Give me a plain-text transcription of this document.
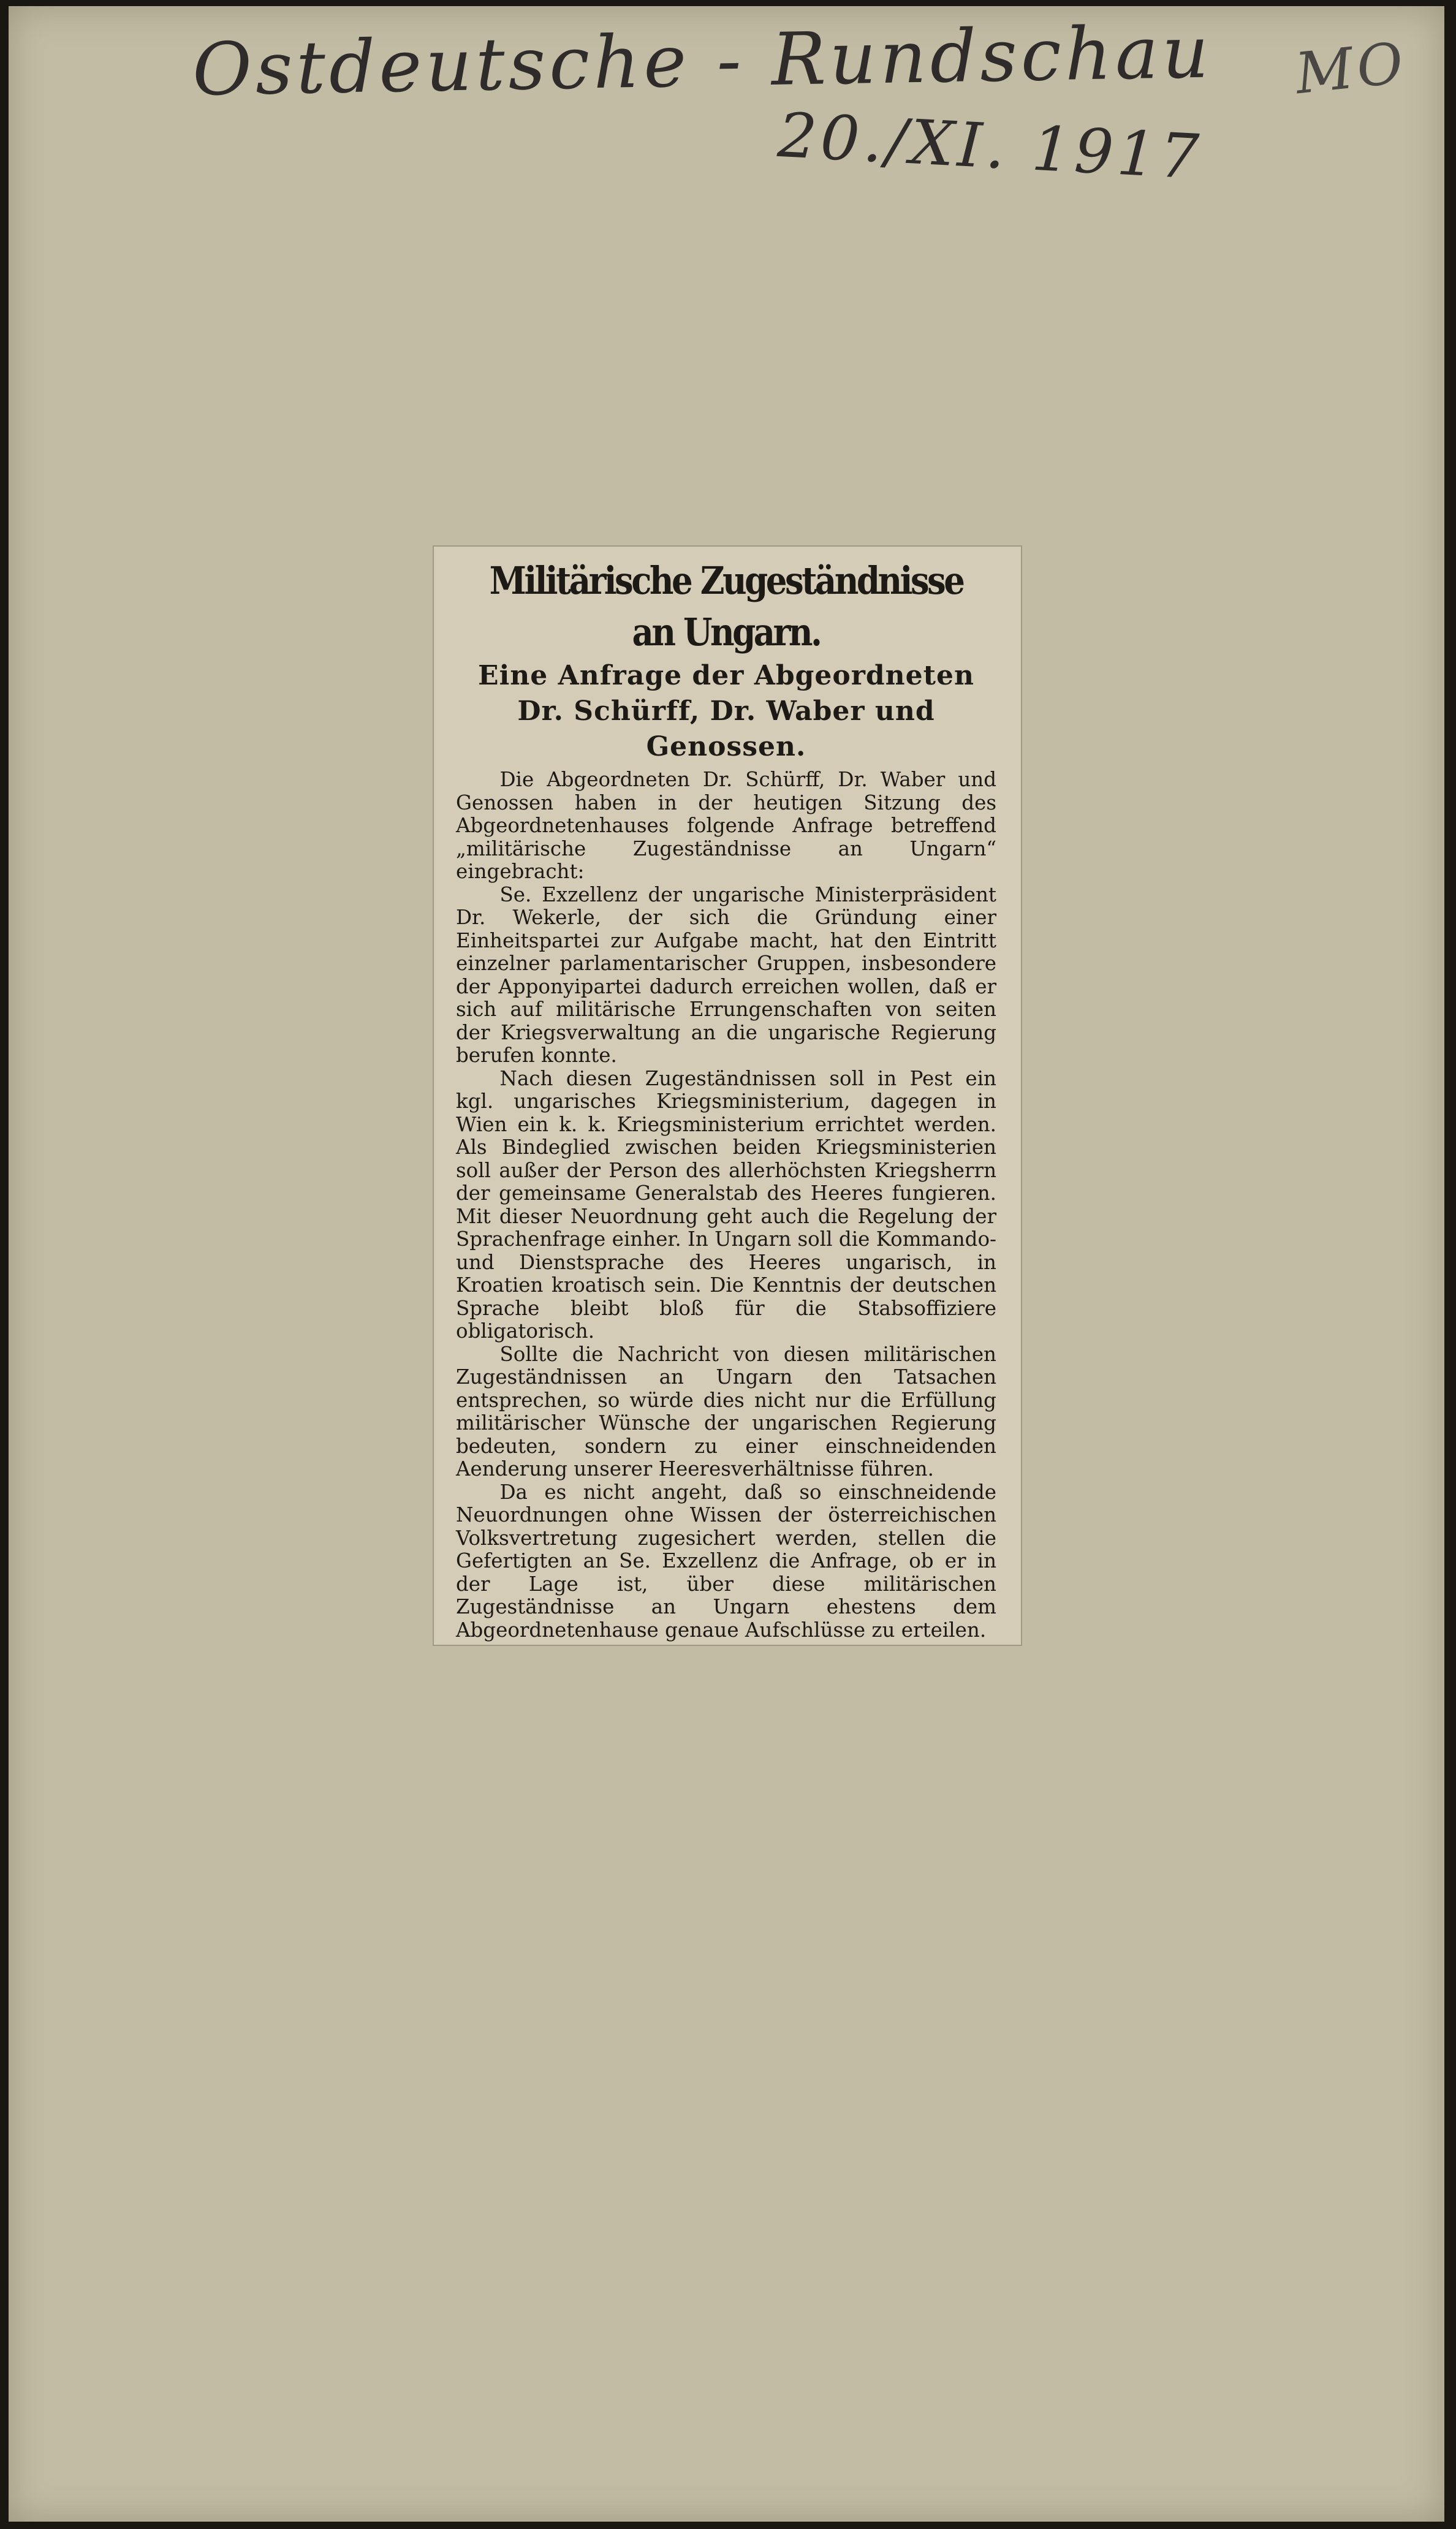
Ostdeutsche - Rundschau MO
20./XI. 1917
Militärische Zugeständnisse an Ungarn.
Eine Anfrage der Abgeordneten
Dr. Schürff, Dr. Waber und Genossen.

Die Abgeordneten Dr. Schürff, Dr. Waber und Genossen haben in der heutigen Sitzung des Abgeordnetenhauses folgende Anfrage betreffend „militärische Zugeständnisse an Ungarn“ eingebracht:

Se. Exzellenz der ungarische Ministerpräsident Dr. Wekerle, der sich die Gründung einer Einheitspartei zur Aufgabe macht, hat den Eintritt einzelner parlamentarischer Gruppen, insbesondere der Apponyipartei dadurch erreichen wollen, daß er sich auf militärische Errungenschaften von seiten der Kriegsverwaltung an die ungarische Regierung berufen konnte.

Nach diesen Zugeständnissen soll in Pest ein kgl. ungarisches Kriegsministerium, dagegen in Wien ein k. k. Kriegsministerium errichtet werden. Als Bindeglied zwischen beiden Kriegsministerien soll außer der Person des allerhöchsten Kriegsherrn der gemeinsame Generalstab des Heeres fungieren. Mit dieser Neuordnung geht auch die Regelung der Sprachenfrage einher. In Ungarn soll die Kommando- und Dienstsprache des Heeres ungarisch, in Kroatien kroatisch sein. Die Kenntnis der deutschen Sprache bleibt bloß für die Stabsoffiziere obligatorisch.

Sollte die Nachricht von diesen militärischen Zugeständnissen an Ungarn den Tatsachen entsprechen, so würde dies nicht nur die Erfüllung militärischer Wünsche der ungarischen Regierung bedeuten, sondern zu einer einschneidenden Aenderung unserer Heeresverhältnisse führen.

Da es nicht angeht, daß so einschneidende Neuordnungen ohne Wissen der österreichischen Volksvertretung zugesichert werden, stellen die Gefertigten an Se. Exzellenz die Anfrage, ob er in der Lage ist, über diese militärischen Zugeständnisse an Ungarn ehestens dem Abgeordnetenhause genaue Aufschlüsse zu erteilen.
